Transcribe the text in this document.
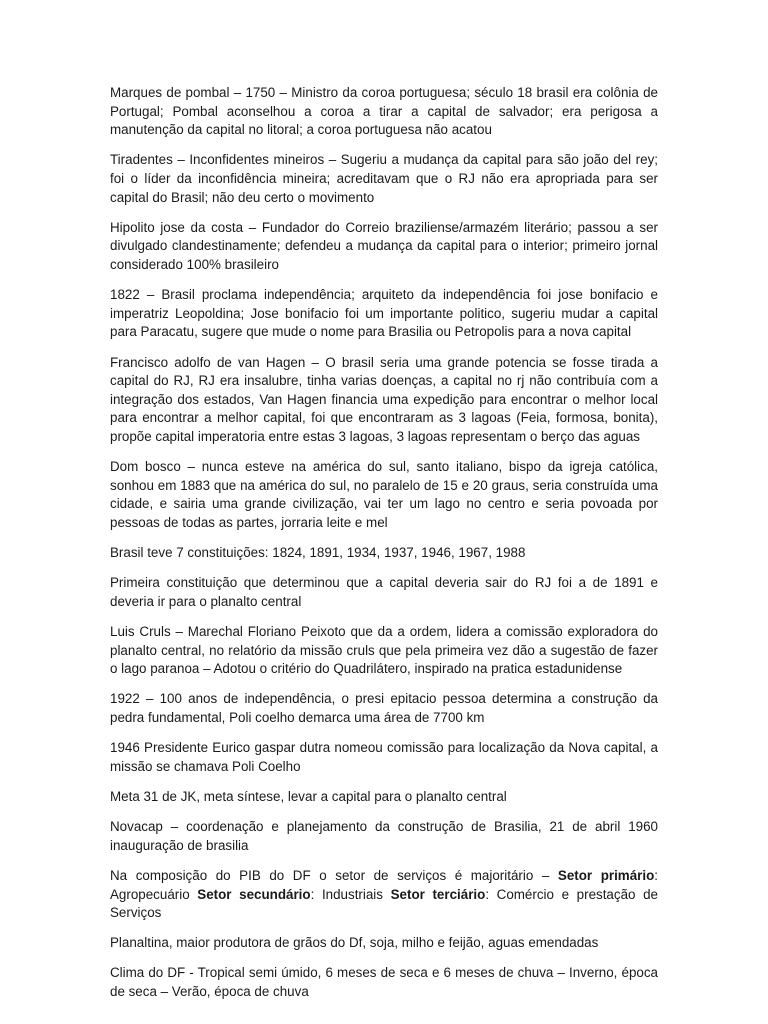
Marques de pombal – 1750 – Ministro da coroa portuguesa; século 18 brasil era colônia de Portugal; Pombal aconselhou a coroa a tirar a capital de salvador; era perigosa a manutenção da capital no litoral; a coroa portuguesa não acatou

Tiradentes – Inconfidentes mineiros – Sugeriu a mudança da capital para são joão del rey; foi o líder da inconfidência mineira; acreditavam que o RJ não era apropriada para ser capital do Brasil; não deu certo o movimento

Hipolito jose da costa – Fundador do Correio braziliense/armazém literário; passou a ser divulgado clandestinamente; defendeu a mudança da capital para o interior; primeiro jornal considerado 100% brasileiro

1822 – Brasil proclama independência; arquiteto da independência foi jose bonifacio e imperatriz Leopoldina; Jose bonifacio foi um importante politico, sugeriu mudar a capital para Paracatu, sugere que mude o nome para Brasilia ou Petropolis para a nova capital

Francisco adolfo de van Hagen – O brasil seria uma grande potencia se fosse tirada a capital do RJ, RJ era insalubre, tinha varias doenças, a capital no rj não contribuía com a integração dos estados, Van Hagen financia uma expedição para encontrar o melhor local para encontrar a melhor capital, foi que encontraram as 3 lagoas (Feia, formosa, bonita), propõe capital imperatoria entre estas 3 lagoas, 3 lagoas representam o berço das aguas

Dom bosco – nunca esteve na américa do sul, santo italiano, bispo da igreja católica, sonhou em 1883 que na américa do sul, no paralelo de 15 e 20 graus, seria construída uma cidade, e sairia uma grande civilização, vai ter um lago no centro e seria povoada por pessoas de todas as partes, jorraria leite e mel

Brasil teve 7 constituições: 1824, 1891, 1934, 1937, 1946, 1967, 1988

Primeira constituição que determinou que a capital deveria sair do RJ foi a de 1891 e deveria ir para o planalto central

Luis Cruls – Marechal Floriano Peixoto que da a ordem, lidera a comissão exploradora do planalto central, no relatório da missão cruls que pela primeira vez dão a sugestão de fazer o lago paranoa – Adotou o critério do Quadrilátero, inspirado na pratica estadunidense

1922 – 100 anos de independência, o presi epitacio pessoa determina a construção da pedra fundamental, Poli coelho demarca uma área de 7700 km

1946 Presidente Eurico gaspar dutra nomeou comissão para localização da Nova capital, a missão se chamava Poli Coelho

Meta 31 de JK, meta síntese, levar a capital para o planalto central

Novacap – coordenação e planejamento da construção de Brasilia, 21 de abril 1960 inauguração de brasilia

Na composição do PIB do DF o setor de serviços é majoritário – Setor primário: Agropecuário Setor secundário: Industriais Setor terciário: Comércio e prestação de Serviços

Planaltina, maior produtora de grãos do Df, soja, milho e feijão, aguas emendadas

Clima do DF - Tropical semi úmido, 6 meses de seca e 6 meses de chuva – Inverno, época de seca – Verão, época de chuva
